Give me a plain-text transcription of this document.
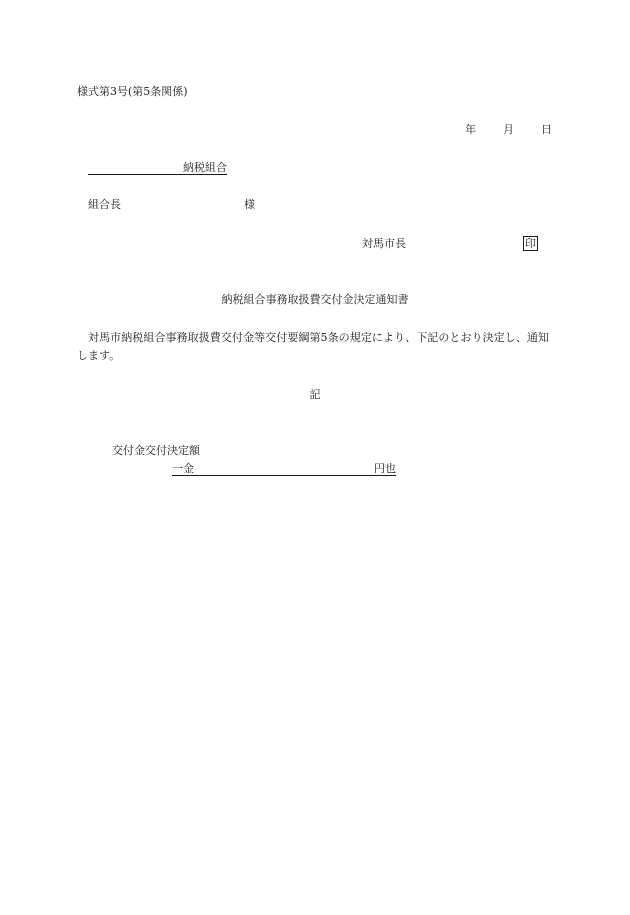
様式第3号(第5条関係)
年 月 日
納税組合
組合長	様
対馬市長	印
納税組合事務取扱費交付金決定通知書
対馬市納税組合事務取扱費交付金等交付要綱第5条の規定により、下記のとおり決定し、通知します。
記
交付金交付決定額
一金	円也
